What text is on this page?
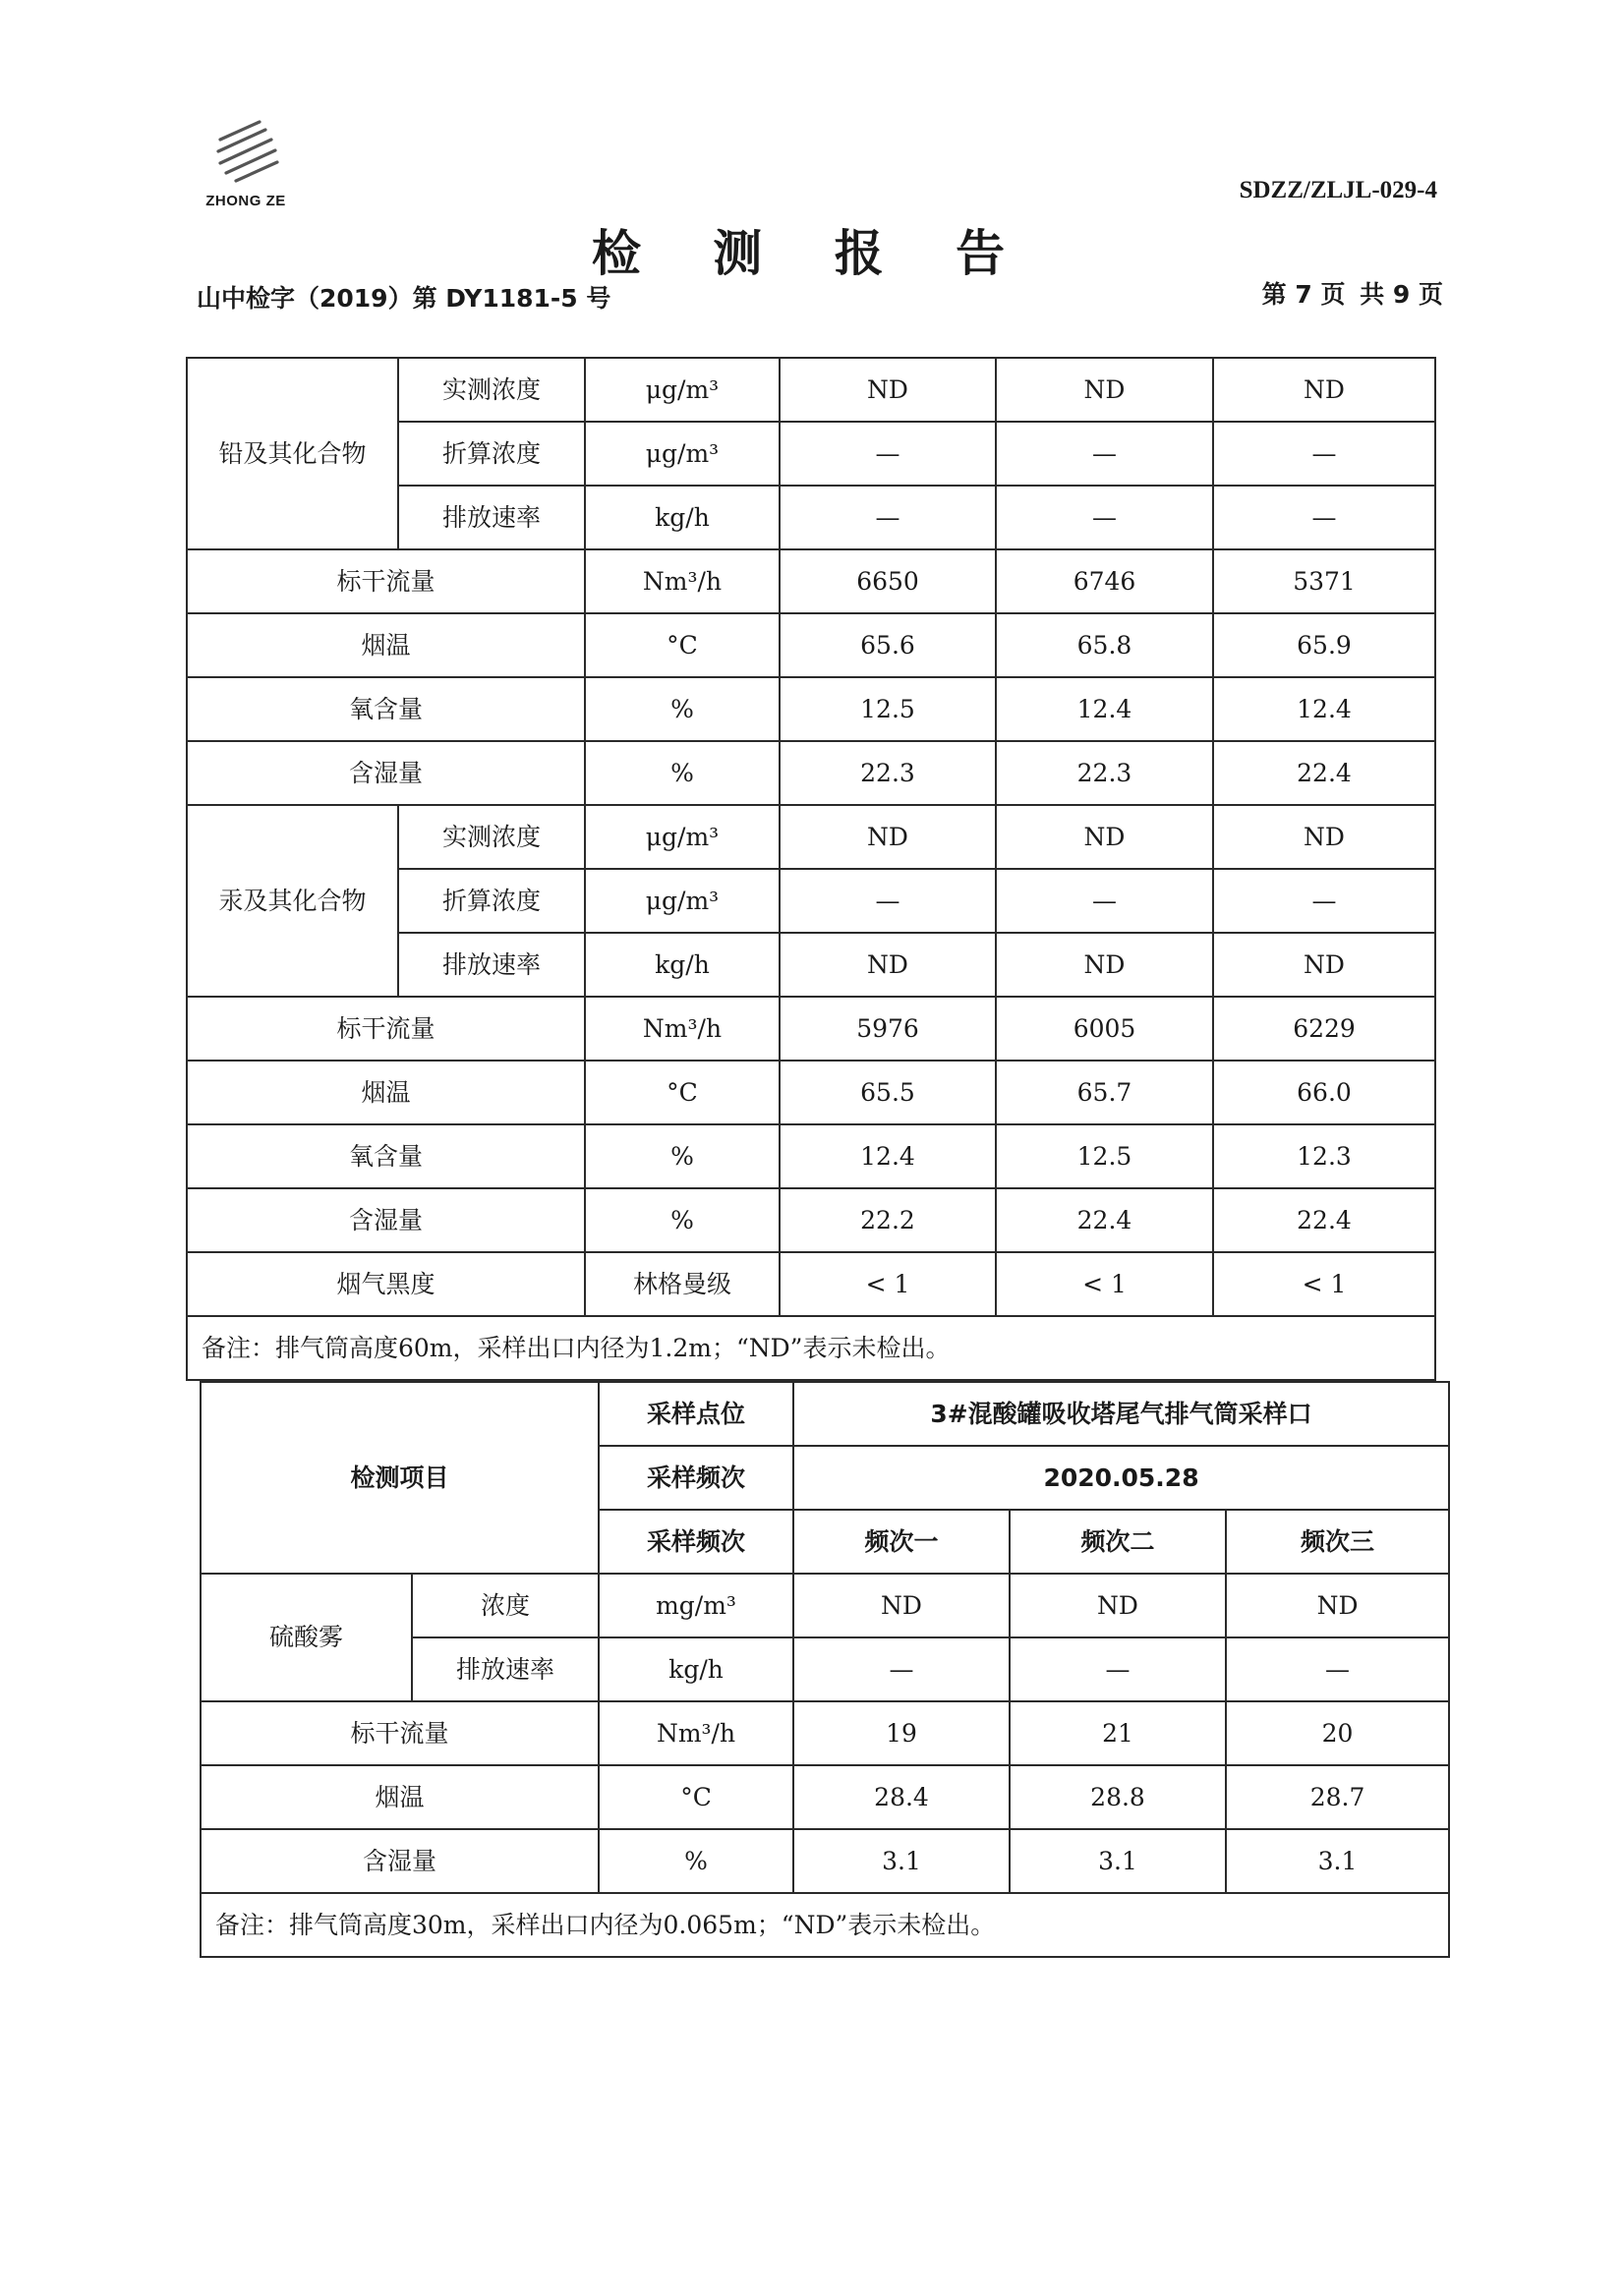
ZHONG ZE	SDZZ/ZLJL-029-4
检 测 报 告
山中检字（2019）第 DY1181-5 号	第 7 页 共 9 页
铅及其化合物	实测浓度	μg/m³	ND	ND	ND
	折算浓度	μg/m³	—	—	—
	排放速率	kg/h	—	—	—
标干流量		Nm³/h	6650	6746	5371
烟温		°C	65.6	65.8	65.9
氧含量		%	12.5	12.4	12.4
含湿量		%	22.3	22.3	22.4
汞及其化合物	实测浓度	μg/m³	ND	ND	ND
	折算浓度	μg/m³	—	—	—
	排放速率	kg/h	ND	ND	ND
标干流量		Nm³/h	5976	6005	6229
烟温		°C	65.5	65.7	66.0
氧含量		%	12.4	12.5	12.3
含湿量		%	22.2	22.4	22.4
烟气黑度		林格曼级	< 1	< 1	< 1
备注：排气筒高度60m，采样出口内径为1.2m；“ND”表示未检出。					
检测项目		采样点位	3#混酸罐吸收塔尾气排气筒采样口		
		采样频次	2020.05.28		
		采样频次	频次一	频次二	频次三
硫酸雾	浓度	mg/m³	ND	ND	ND
	排放速率	kg/h	—	—	—
标干流量		Nm³/h	19	21	20
烟温		°C	28.4	28.8	28.7
含湿量		%	3.1	3.1	3.1
备注：排气筒高度30m，采样出口内径为0.065m；“ND”表示未检出。					
